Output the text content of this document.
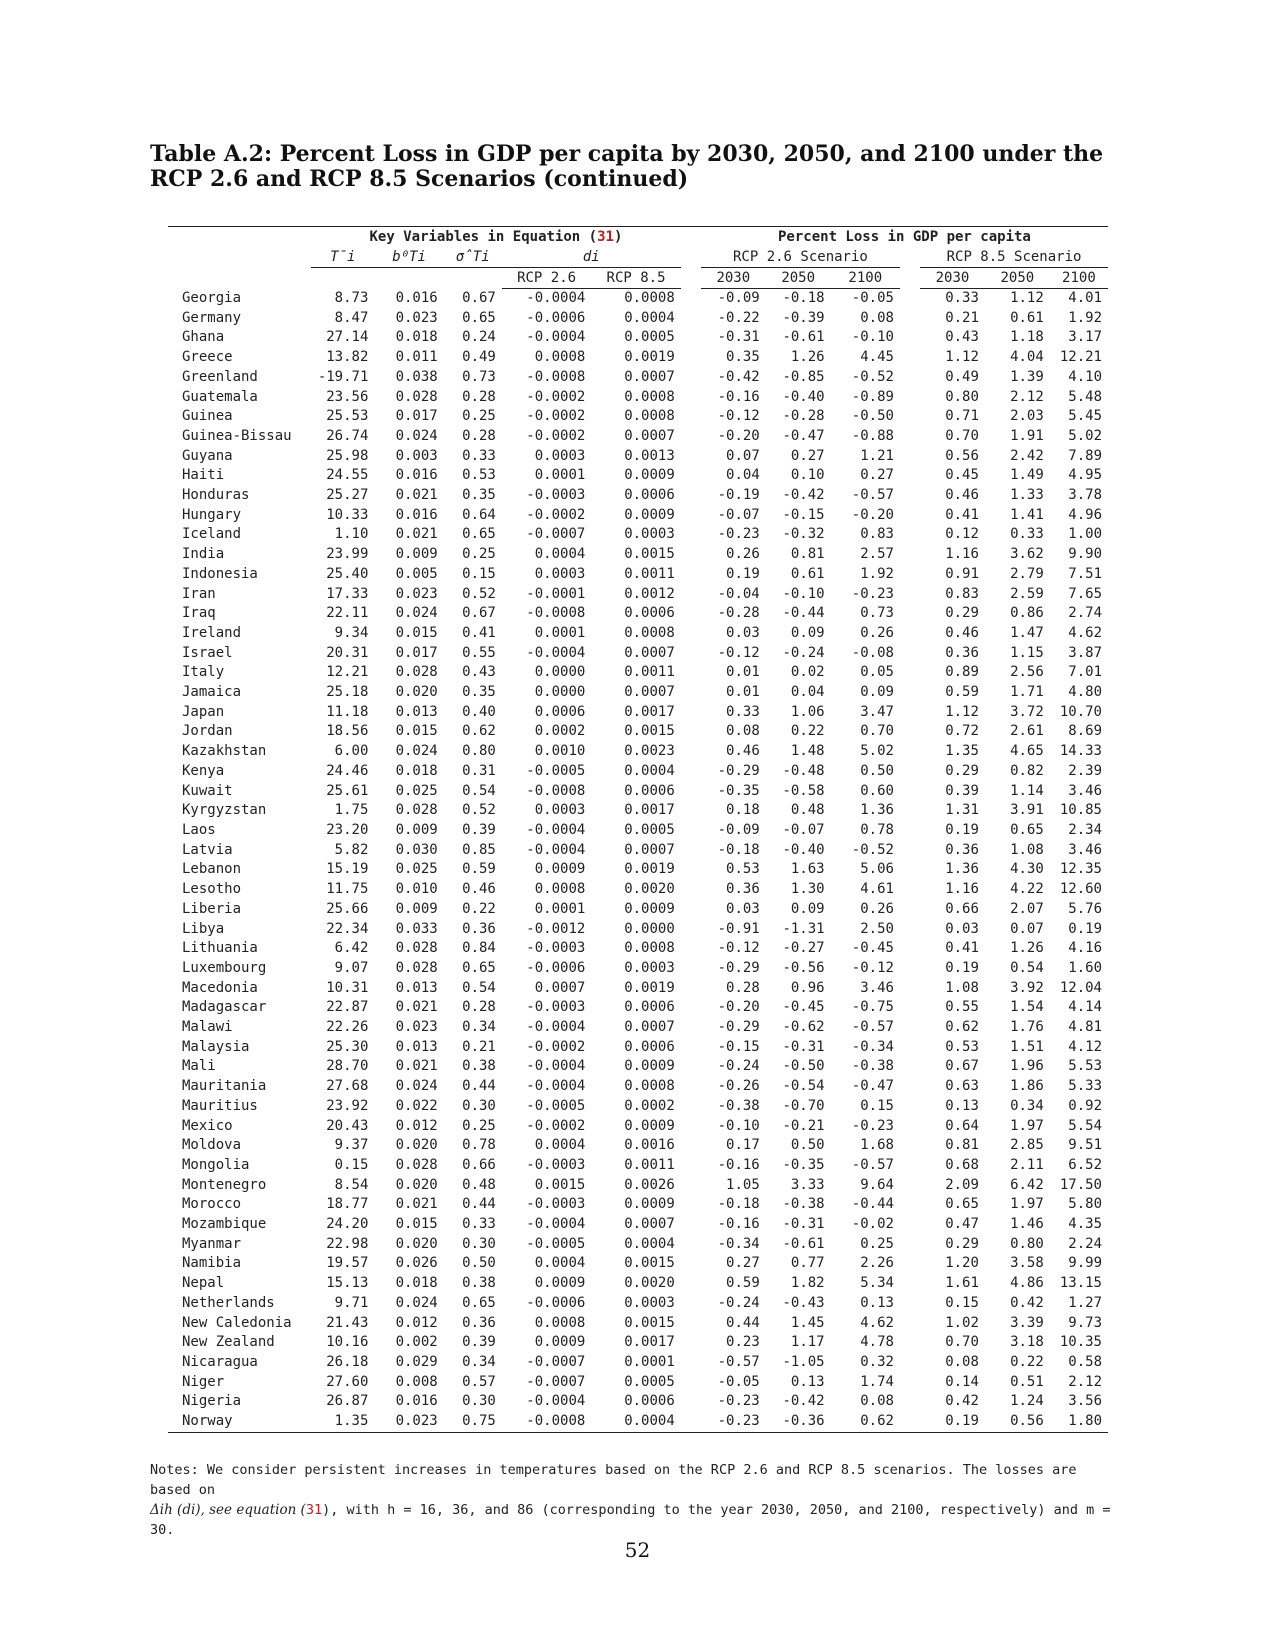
Table A.2: Percent Loss in GDP per capita by 2030, 2050, and 2100 under the RCP 2.6 and RCP 8.5 Scenarios (continued)
	Key Variables in Equation (31)						Percent Loss in GDP per capita						
	T̄i	b⁰Ti	σ̂Ti	di			RCP 2.6 Scenario				RCP 8.5 Scenario		
				RCP 2.6	RCP 8.5		2030	2050	2100		2030	2050	2100
Georgia	8.73	0.016	0.67	-0.0004	0.0008		-0.09	-0.18	-0.05		0.33	1.12	4.01
Germany	8.47	0.023	0.65	-0.0006	0.0004		-0.22	-0.39	0.08		0.21	0.61	1.92
Ghana	27.14	0.018	0.24	-0.0004	0.0005		-0.31	-0.61	-0.10		0.43	1.18	3.17
Greece	13.82	0.011	0.49	0.0008	0.0019		0.35	1.26	4.45		1.12	4.04	12.21
Greenland	-19.71	0.038	0.73	-0.0008	0.0007		-0.42	-0.85	-0.52		0.49	1.39	4.10
Guatemala	23.56	0.028	0.28	-0.0002	0.0008		-0.16	-0.40	-0.89		0.80	2.12	5.48
Guinea	25.53	0.017	0.25	-0.0002	0.0008		-0.12	-0.28	-0.50		0.71	2.03	5.45
Guinea-Bissau	26.74	0.024	0.28	-0.0002	0.0007		-0.20	-0.47	-0.88		0.70	1.91	5.02
Guyana	25.98	0.003	0.33	0.0003	0.0013		0.07	0.27	1.21		0.56	2.42	7.89
Haiti	24.55	0.016	0.53	0.0001	0.0009		0.04	0.10	0.27		0.45	1.49	4.95
Honduras	25.27	0.021	0.35	-0.0003	0.0006		-0.19	-0.42	-0.57		0.46	1.33	3.78
Hungary	10.33	0.016	0.64	-0.0002	0.0009		-0.07	-0.15	-0.20		0.41	1.41	4.96
Iceland	1.10	0.021	0.65	-0.0007	0.0003		-0.23	-0.32	0.83		0.12	0.33	1.00
India	23.99	0.009	0.25	0.0004	0.0015		0.26	0.81	2.57		1.16	3.62	9.90
Indonesia	25.40	0.005	0.15	0.0003	0.0011		0.19	0.61	1.92		0.91	2.79	7.51
Iran	17.33	0.023	0.52	-0.0001	0.0012		-0.04	-0.10	-0.23		0.83	2.59	7.65
Iraq	22.11	0.024	0.67	-0.0008	0.0006		-0.28	-0.44	0.73		0.29	0.86	2.74
Ireland	9.34	0.015	0.41	0.0001	0.0008		0.03	0.09	0.26		0.46	1.47	4.62
Israel	20.31	0.017	0.55	-0.0004	0.0007		-0.12	-0.24	-0.08		0.36	1.15	3.87
Italy	12.21	0.028	0.43	0.0000	0.0011		0.01	0.02	0.05		0.89	2.56	7.01
Jamaica	25.18	0.020	0.35	0.0000	0.0007		0.01	0.04	0.09		0.59	1.71	4.80
Japan	11.18	0.013	0.40	0.0006	0.0017		0.33	1.06	3.47		1.12	3.72	10.70
Jordan	18.56	0.015	0.62	0.0002	0.0015		0.08	0.22	0.70		0.72	2.61	8.69
Kazakhstan	6.00	0.024	0.80	0.0010	0.0023		0.46	1.48	5.02		1.35	4.65	14.33
Kenya	24.46	0.018	0.31	-0.0005	0.0004		-0.29	-0.48	0.50		0.29	0.82	2.39
Kuwait	25.61	0.025	0.54	-0.0008	0.0006		-0.35	-0.58	0.60		0.39	1.14	3.46
Kyrgyzstan	1.75	0.028	0.52	0.0003	0.0017		0.18	0.48	1.36		1.31	3.91	10.85
Laos	23.20	0.009	0.39	-0.0004	0.0005		-0.09	-0.07	0.78		0.19	0.65	2.34
Latvia	5.82	0.030	0.85	-0.0004	0.0007		-0.18	-0.40	-0.52		0.36	1.08	3.46
Lebanon	15.19	0.025	0.59	0.0009	0.0019		0.53	1.63	5.06		1.36	4.30	12.35
Lesotho	11.75	0.010	0.46	0.0008	0.0020		0.36	1.30	4.61		1.16	4.22	12.60
Liberia	25.66	0.009	0.22	0.0001	0.0009		0.03	0.09	0.26		0.66	2.07	5.76
Libya	22.34	0.033	0.36	-0.0012	0.0000		-0.91	-1.31	2.50		0.03	0.07	0.19
Lithuania	6.42	0.028	0.84	-0.0003	0.0008		-0.12	-0.27	-0.45		0.41	1.26	4.16
Luxembourg	9.07	0.028	0.65	-0.0006	0.0003		-0.29	-0.56	-0.12		0.19	0.54	1.60
Macedonia	10.31	0.013	0.54	0.0007	0.0019		0.28	0.96	3.46		1.08	3.92	12.04
Madagascar	22.87	0.021	0.28	-0.0003	0.0006		-0.20	-0.45	-0.75		0.55	1.54	4.14
Malawi	22.26	0.023	0.34	-0.0004	0.0007		-0.29	-0.62	-0.57		0.62	1.76	4.81
Malaysia	25.30	0.013	0.21	-0.0002	0.0006		-0.15	-0.31	-0.34		0.53	1.51	4.12
Mali	28.70	0.021	0.38	-0.0004	0.0009		-0.24	-0.50	-0.38		0.67	1.96	5.53
Mauritania	27.68	0.024	0.44	-0.0004	0.0008		-0.26	-0.54	-0.47		0.63	1.86	5.33
Mauritius	23.92	0.022	0.30	-0.0005	0.0002		-0.38	-0.70	0.15		0.13	0.34	0.92
Mexico	20.43	0.012	0.25	-0.0002	0.0009		-0.10	-0.21	-0.23		0.64	1.97	5.54
Moldova	9.37	0.020	0.78	0.0004	0.0016		0.17	0.50	1.68		0.81	2.85	9.51
Mongolia	0.15	0.028	0.66	-0.0003	0.0011		-0.16	-0.35	-0.57		0.68	2.11	6.52
Montenegro	8.54	0.020	0.48	0.0015	0.0026		1.05	3.33	9.64		2.09	6.42	17.50
Morocco	18.77	0.021	0.44	-0.0003	0.0009		-0.18	-0.38	-0.44		0.65	1.97	5.80
Mozambique	24.20	0.015	0.33	-0.0004	0.0007		-0.16	-0.31	-0.02		0.47	1.46	4.35
Myanmar	22.98	0.020	0.30	-0.0005	0.0004		-0.34	-0.61	0.25		0.29	0.80	2.24
Namibia	19.57	0.026	0.50	0.0004	0.0015		0.27	0.77	2.26		1.20	3.58	9.99
Nepal	15.13	0.018	0.38	0.0009	0.0020		0.59	1.82	5.34		1.61	4.86	13.15
Netherlands	9.71	0.024	0.65	-0.0006	0.0003		-0.24	-0.43	0.13		0.15	0.42	1.27
New Caledonia	21.43	0.012	0.36	0.0008	0.0015		0.44	1.45	4.62		1.02	3.39	9.73
New Zealand	10.16	0.002	0.39	0.0009	0.0017		0.23	1.17	4.78		0.70	3.18	10.35
Nicaragua	26.18	0.029	0.34	-0.0007	0.0001		-0.57	-1.05	0.32		0.08	0.22	0.58
Niger	27.60	0.008	0.57	-0.0007	0.0005		-0.05	0.13	1.74		0.14	0.51	2.12
Nigeria	26.87	0.016	0.30	-0.0004	0.0006		-0.23	-0.42	0.08		0.42	1.24	3.56
Norway	1.35	0.023	0.75	-0.0008	0.0004		-0.23	-0.36	0.62		0.19	0.56	1.80
Notes: We consider persistent increases in temperatures based on the RCP 2.6 and RCP 8.5 scenarios. The losses are based on
Δih (di), see equation (31), with h = 16, 36, and 86 (corresponding to the year 2030, 2050, and 2100, respectively) and m = 30.
52
